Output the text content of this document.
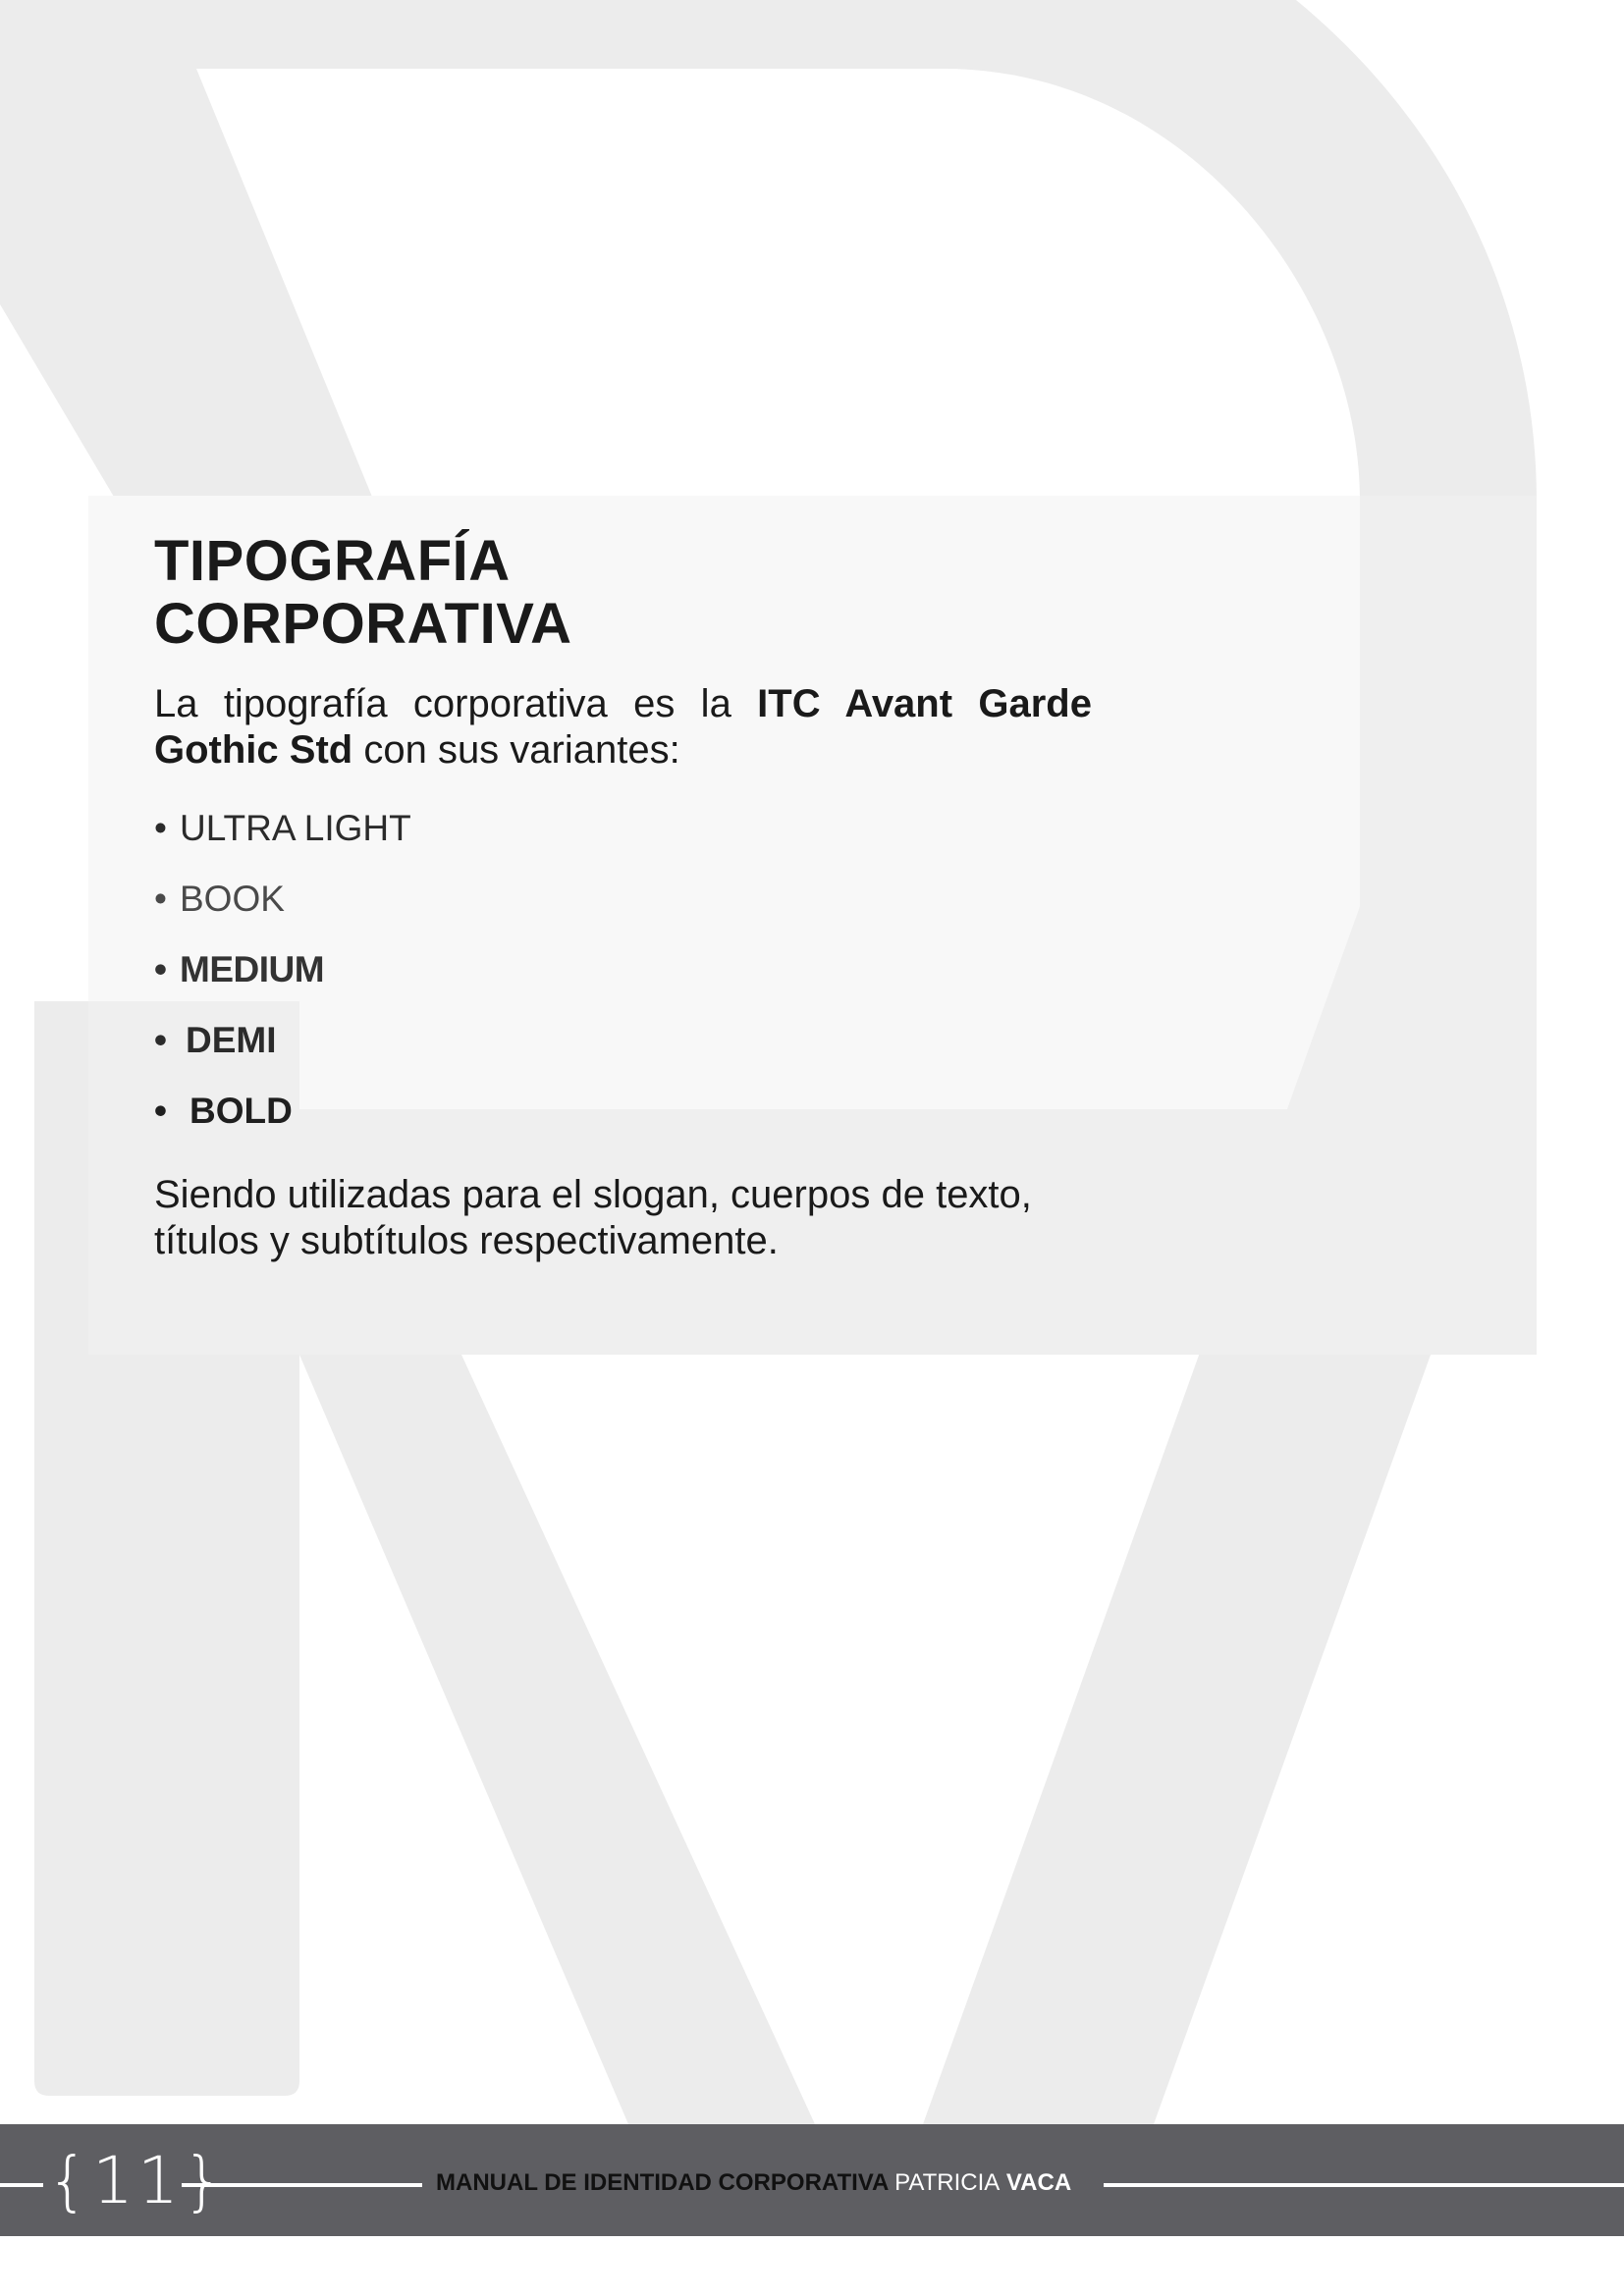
TIPOGRAFÍA
CORPORATIVA

La tipografía corporativa es la ITC Avant Garde Gothic Std con sus variantes:

• ULTRA LIGHT
• BOOK
• MEDIUM
• DEMI
• BOLD

Siendo utilizadas para el slogan, cuerpos de texto,
títulos y subtítulos respectivamente.

{11}	MANUAL DE IDENTIDAD CORPORATIVA PATRICIA VACA
